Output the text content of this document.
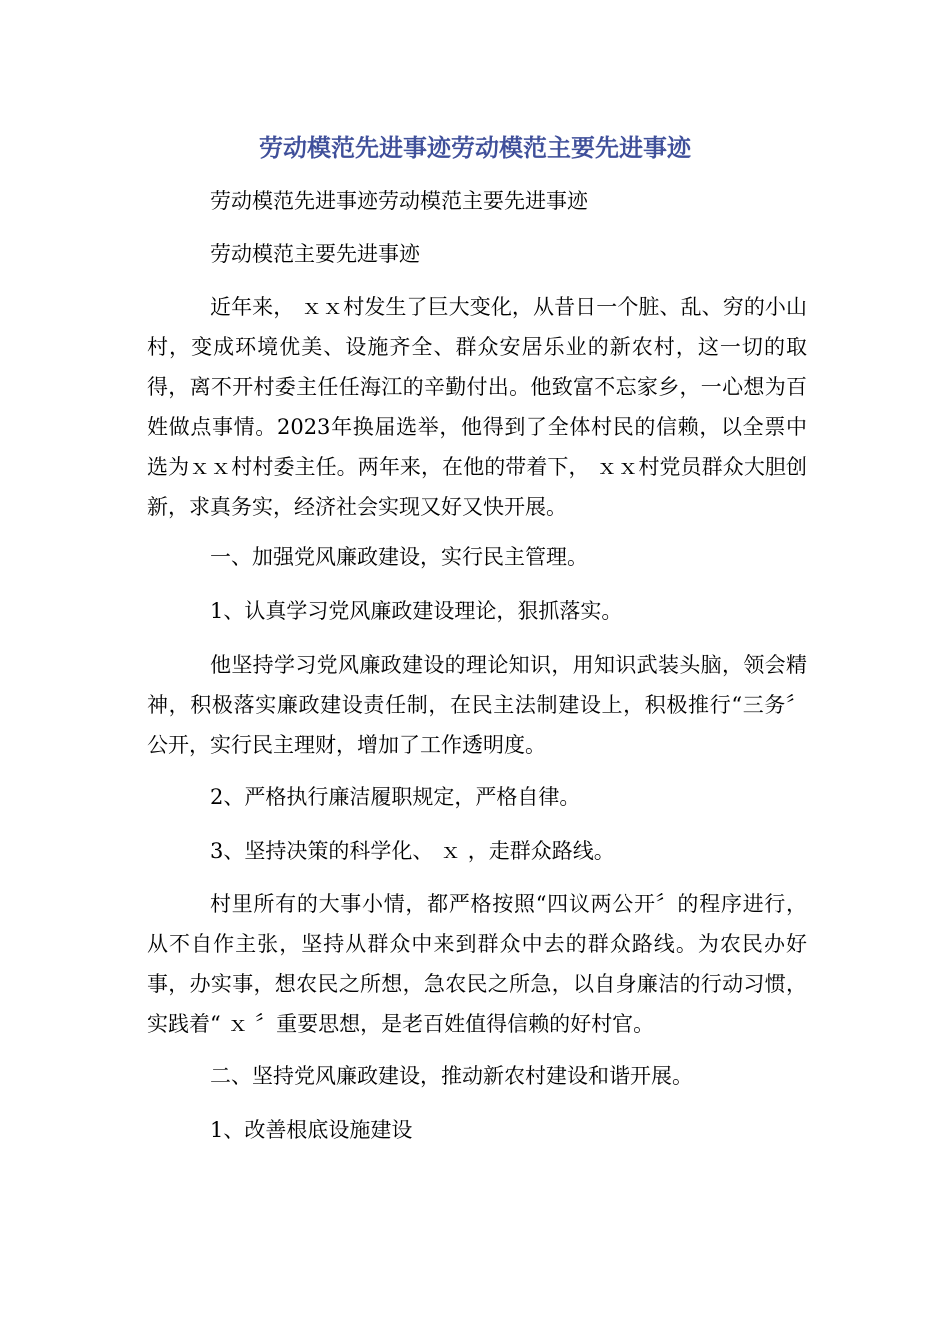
劳动模范先进事迹劳动模范主要先进事迹
劳动模范先进事迹劳动模范主要先进事迹
劳动模范主要先进事迹
近年来， ｘｘ村发生了巨大变化，从昔日一个脏、乱、穷的小山村，变成环境优美、设施齐全、群众安居乐业的新农村，这一切的取得，离不开村委主任任海江的辛勤付出。他致富不忘家乡，一心想为百姓做点事情。2023年换届选举，他得到了全体村民的信赖，以全票中选为ｘｘ村村委主任。两年来，在他的带着下， ｘｘ村党员群众大胆创新，求真务实，经济社会实现又好又快开展。
一、加强党风廉政建设，实行民主管理。
1、认真学习党风廉政建设理论，狠抓落实。
他坚持学习党风廉政建设的理论知识，用知识武装头脑，领会精神，积极落实廉政建设责任制，在民主法制建设上，积极推行“三务〞公开，实行民主理财，增加了工作透明度。
2、严格执行廉洁履职规定，严格自律。
3、坚持决策的科学化、 ｘ ，走群众路线。
村里所有的大事小情，都严格按照“四议两公开〞的程序进行，从不自作主张，坚持从群众中来到群众中去的群众路线。为农民办好事，办实事，想农民之所想，急农民之所急，以自身廉洁的行动习惯，实践着“ ｘ 〞重要思想，是老百姓值得信赖的好村官。
二、坚持党风廉政建设，推动新农村建设和谐开展。
1、改善根底设施建设
